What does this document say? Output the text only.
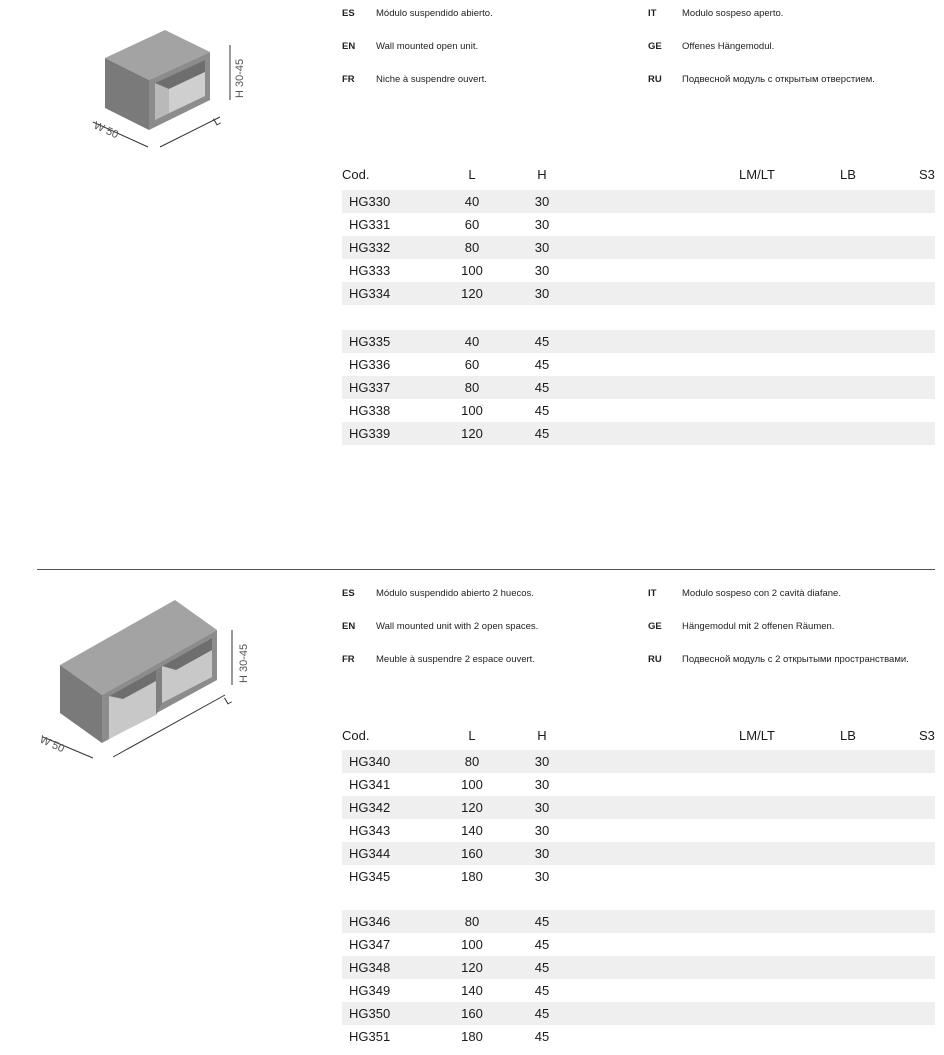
W 50	L
H 30-45
ES Módulo suspendido abierto.
EN Wall mounted open unit.
FR Niche à suspendre ouvert.
IT	Modulo sospeso aperto.
GE Offenes Hängemodul.
RU Подвесной модуль с открытым отверстием.
Cod.	L	H	LM/LT	LB	S3
HG330	40	30
HG331	60	30
HG332	80	30
HG333	100	30
HG334	120	30
HG335	40	45
HG336	60	45
HG337	80	45
HG338	100	45
HG339	120	45
W 50
L
H 30-45
ES Módulo suspendido abierto 2 huecos.
EN Wall mounted unit with 2 open spaces.
FR Meuble à suspendre 2 espace ouvert.
IT	Modulo sospeso con 2 cavità diafane.
GE Hängemodul mit 2 offenen Räumen.
RU Подвесной модуль с 2 открытыми пространствами.
Cod.	L	H	LM/LT	LB	S3
HG340	80	30
HG341	100	30
HG342	120	30
HG343	140	30
HG344	160	30
HG345	180	30
HG346	80	45
HG347	100	45
HG348	120	45
HG349	140	45
HG350	160	45
HG351	180	45
